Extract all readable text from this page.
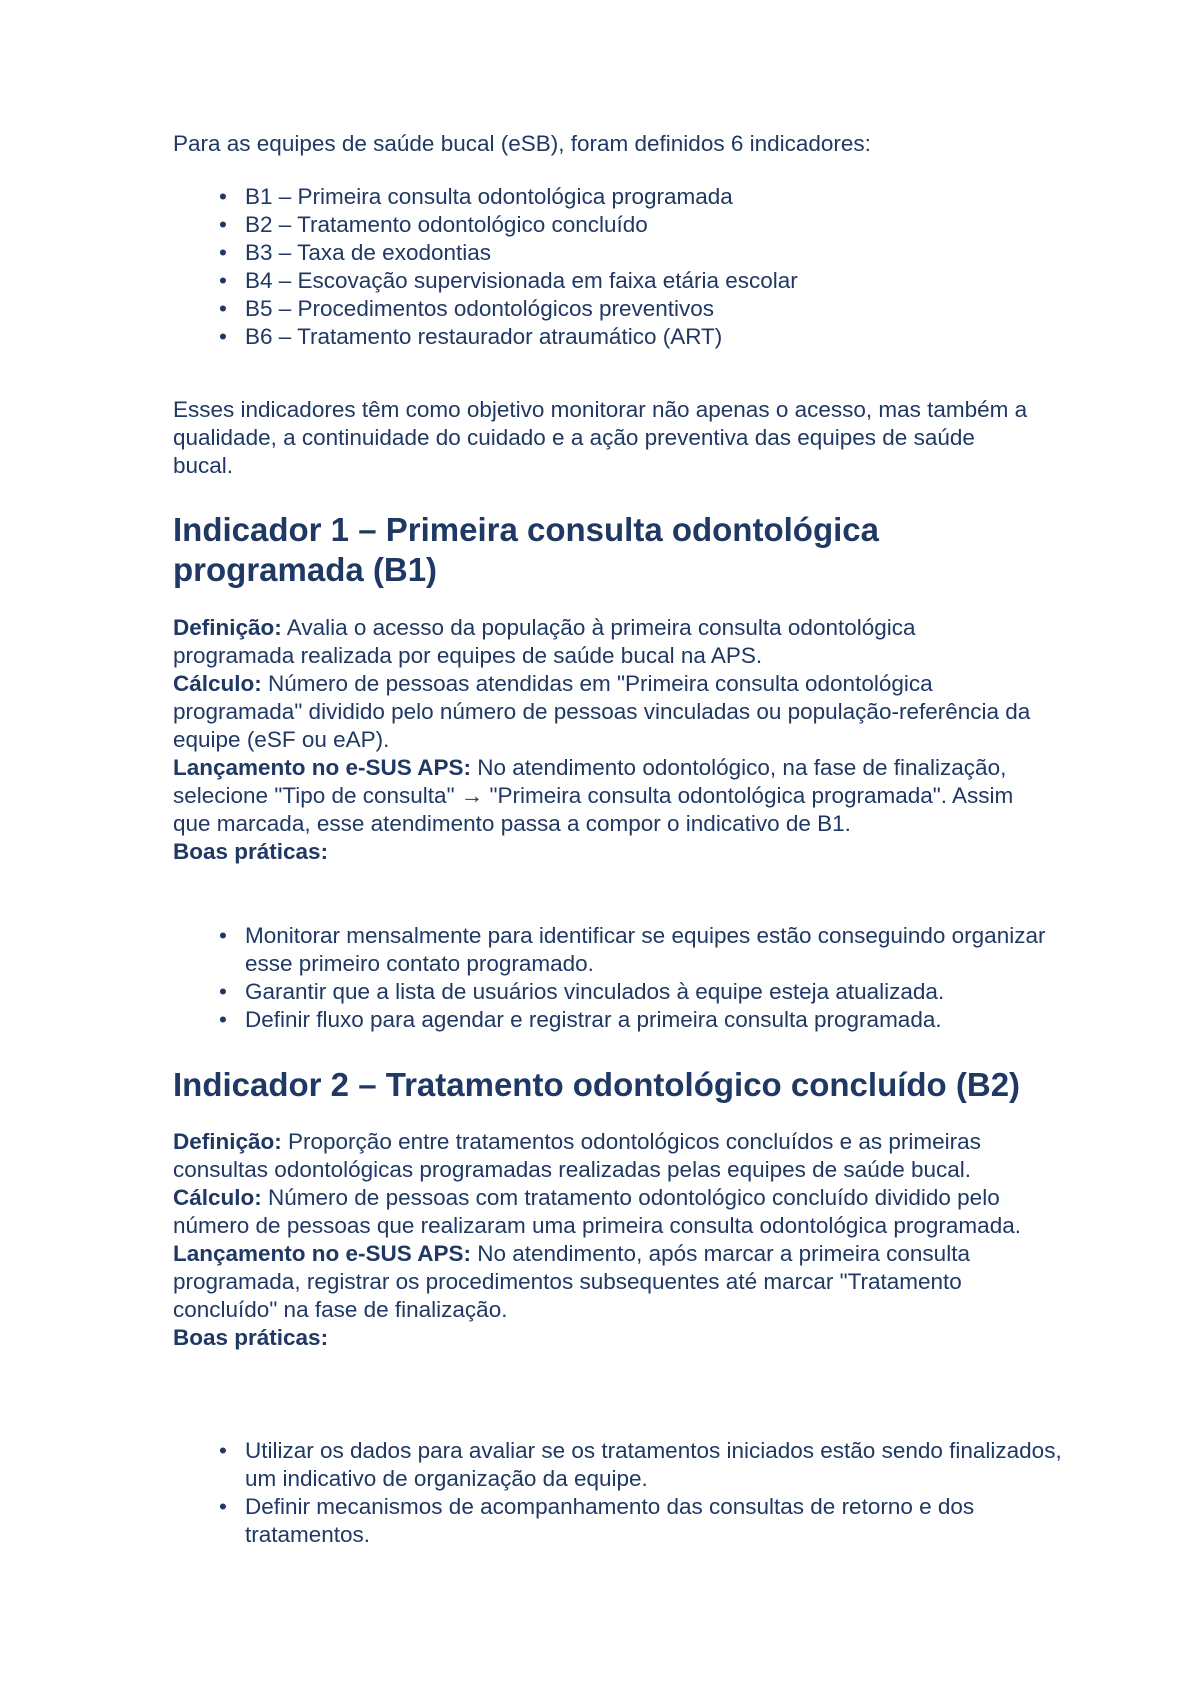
Para as equipes de saúde bucal (eSB), foram definidos 6 indicadores:

• B1 – Primeira consulta odontológica programada
• B2 – Tratamento odontológico concluído
• B3 – Taxa de exodontias
• B4 – Escovação supervisionada em faixa etária escolar
• B5 – Procedimentos odontológicos preventivos
• B6 – Tratamento restaurador atraumático (ART)

Esses indicadores têm como objetivo monitorar não apenas o acesso, mas também a qualidade, a continuidade do cuidado e a ação preventiva das equipes de saúde bucal.

Indicador 1 – Primeira consulta odontológica programada (B1)

Definição: Avalia o acesso da população à primeira consulta odontológica programada realizada por equipes de saúde bucal na APS.

Cálculo: Número de pessoas atendidas em "Primeira consulta odontológica programada" dividido pelo número de pessoas vinculadas ou população-referência da equipe (eSF ou eAP).

Lançamento no e-SUS APS: No atendimento odontológico, na fase de finalização, selecione "Tipo de consulta" → "Primeira consulta odontológica programada". Assim que marcada, esse atendimento passa a compor o indicativo de B1.

Boas práticas:

• Monitorar mensalmente para identificar se equipes estão conseguindo organizar esse primeiro contato programado.
• Garantir que a lista de usuários vinculados à equipe esteja atualizada.
• Definir fluxo para agendar e registrar a primeira consulta programada.
Indicador 2 – Tratamento odontológico concluído (B2)

Definição: Proporção entre tratamentos odontológicos concluídos e as primeiras consultas odontológicas programadas realizadas pelas equipes de saúde bucal.

Cálculo: Número de pessoas com tratamento odontológico concluído dividido pelo número de pessoas que realizaram uma primeira consulta odontológica programada.

Lançamento no e-SUS APS: No atendimento, após marcar a primeira consulta programada, registrar os procedimentos subsequentes até marcar "Tratamento concluído" na fase de finalização.

Boas práticas:

• Utilizar os dados para avaliar se os tratamentos iniciados estão sendo finalizados, um indicativo de organização da equipe.
• Definir mecanismos de acompanhamento das consultas de retorno e dos tratamentos.
